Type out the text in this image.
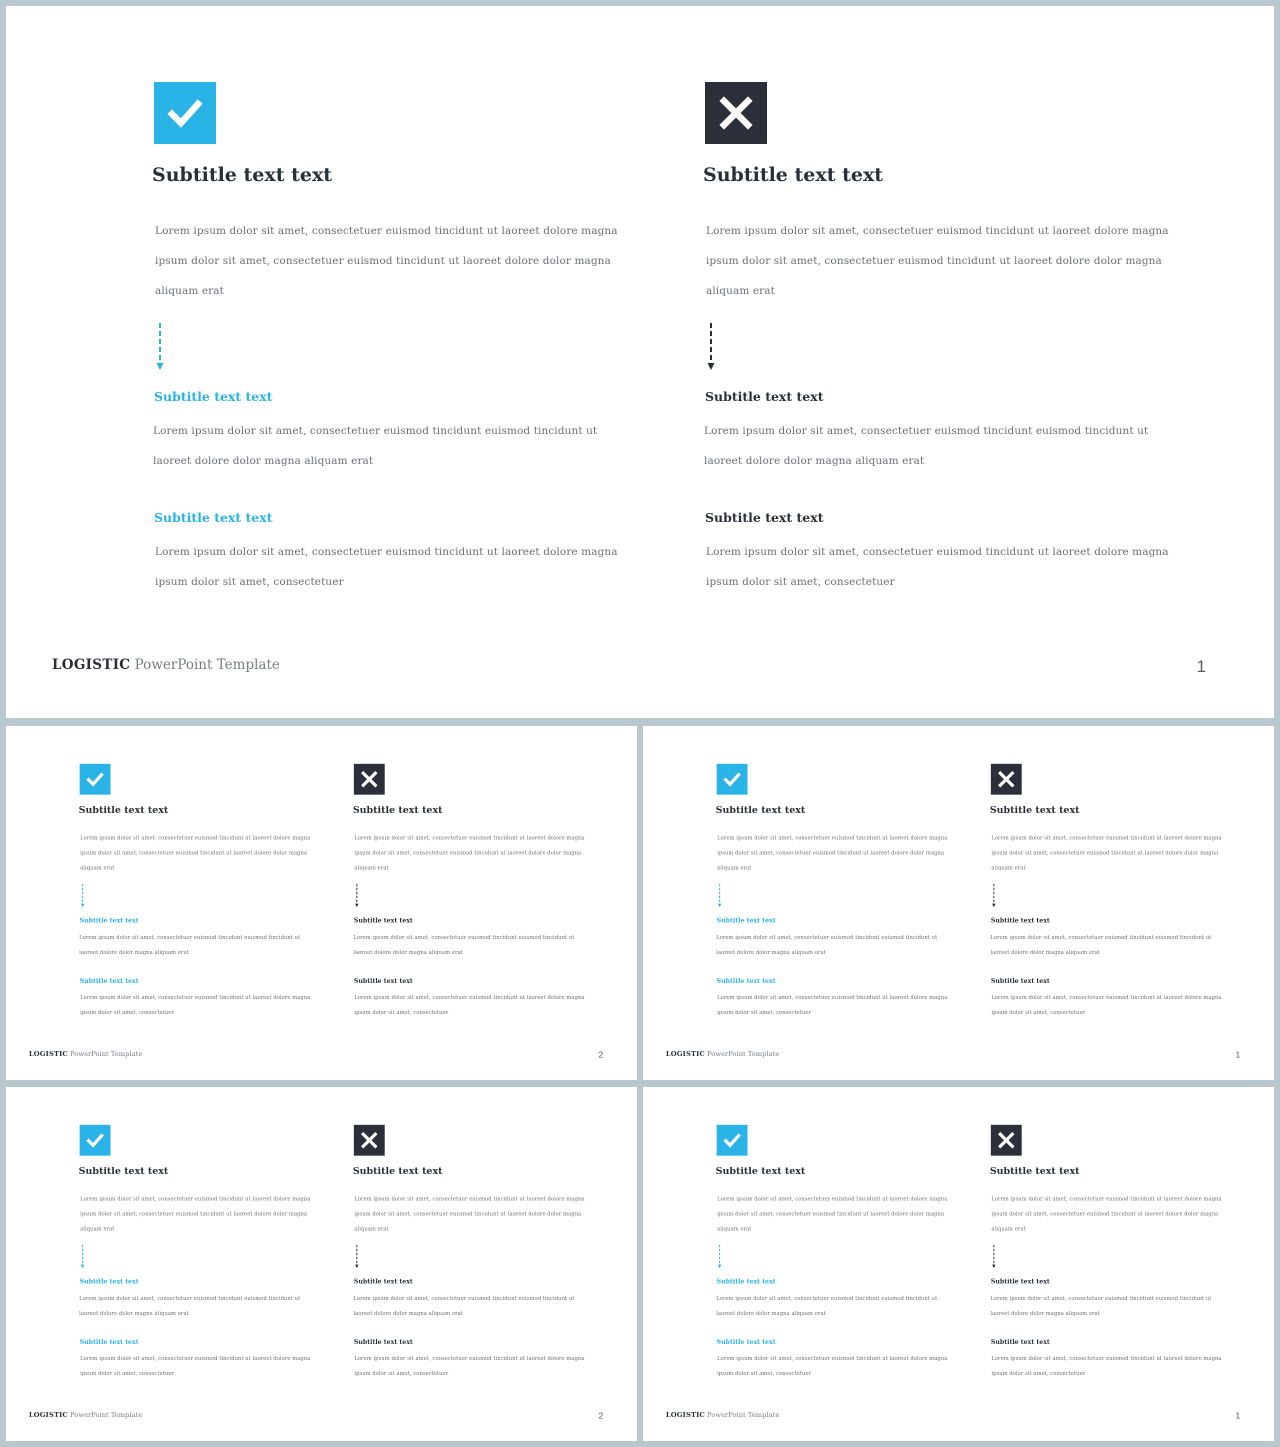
Subtitle text text
Lorem ipsum dolor sit amet, consectetuer euismod tincidunt ut laoreet dolore magna ipsum dolor sit amet, consectetuer euismod tincidunt ut laoreet dolore dolor magna aliquam erat
Subtitle text text
Lorem ipsum dolor sit amet, consectetuer euismod tincidunt euismod tincidunt ut laoreet dolore dolor magna aliquam erat
Subtitle text text
Lorem ipsum dolor sit amet, consectetuer euismod tincidunt ut laoreet dolore magna ipsum dolor sit amet, consectetuer
Subtitle text text
Lorem ipsum dolor sit amet, consectetuer euismod tincidunt ut laoreet dolore magna ipsum dolor sit amet, consectetuer euismod tincidunt ut laoreet dolore dolor magna aliquam erat
Subtitle text text
Lorem ipsum dolor sit amet, consectetuer euismod tincidunt euismod tincidunt ut laoreet dolore dolor magna aliquam erat
Subtitle text text
Lorem ipsum dolor sit amet, consectetuer euismod tincidunt ut laoreet dolore magna ipsum dolor sit amet, consectetuer
LOGISTIC PowerPoint Template	1
Subtitle text text
Lorem ipsum dolor sit amet, consectetuer euismod tincidunt ut laoreet dolore magna ipsum dolor sit amet, consectetuer euismod tincidunt ut laoreet dolore dolor magna aliquam erat
Subtitle text text
Lorem ipsum dolor sit amet, consectetuer euismod tincidunt euismod tincidunt ut laoreet dolore dolor magna aliquam erat
Subtitle text text
Lorem ipsum dolor sit amet, consectetuer euismod tincidunt ut laoreet dolore magna ipsum dolor sit amet, consectetuer
Subtitle text text
Lorem ipsum dolor sit amet, consectetuer euismod tincidunt ut laoreet dolore magna ipsum dolor sit amet, consectetuer euismod tincidunt ut laoreet dolore dolor magna aliquam erat
Subtitle text text
Lorem ipsum dolor sit amet, consectetuer euismod tincidunt euismod tincidunt ut laoreet dolore dolor magna aliquam erat
Subtitle text text
Lorem ipsum dolor sit amet, consectetuer euismod tincidunt ut laoreet dolore magna ipsum dolor sit amet, consectetuer
LOGISTIC PowerPoint Template	2
Subtitle text text
Lorem ipsum dolor sit amet, consectetuer euismod tincidunt ut laoreet dolore magna ipsum dolor sit amet, consectetuer euismod tincidunt ut laoreet dolore dolor magna aliquam erat
Subtitle text text
Lorem ipsum dolor sit amet, consectetuer euismod tincidunt euismod tincidunt ut laoreet dolore dolor magna aliquam erat
Subtitle text text
Lorem ipsum dolor sit amet, consectetuer euismod tincidunt ut laoreet dolore magna ipsum dolor sit amet, consectetuer
Subtitle text text
Lorem ipsum dolor sit amet, consectetuer euismod tincidunt ut laoreet dolore magna ipsum dolor sit amet, consectetuer euismod tincidunt ut laoreet dolore dolor magna aliquam erat
Subtitle text text
Lorem ipsum dolor sit amet, consectetuer euismod tincidunt euismod tincidunt ut laoreet dolore dolor magna aliquam erat
Subtitle text text
Lorem ipsum dolor sit amet, consectetuer euismod tincidunt ut laoreet dolore magna ipsum dolor sit amet, consectetuer
LOGISTIC PowerPoint Template	1
Subtitle text text
Lorem ipsum dolor sit amet, consectetuer euismod tincidunt ut laoreet dolore magna ipsum dolor sit amet, consectetuer euismod tincidunt ut laoreet dolore dolor magna aliquam erat
Subtitle text text
Lorem ipsum dolor sit amet, consectetuer euismod tincidunt euismod tincidunt ut laoreet dolore dolor magna aliquam erat
Subtitle text text
Lorem ipsum dolor sit amet, consectetuer euismod tincidunt ut laoreet dolore magna ipsum dolor sit amet, consectetuer
Subtitle text text
Lorem ipsum dolor sit amet, consectetuer euismod tincidunt ut laoreet dolore magna ipsum dolor sit amet, consectetuer euismod tincidunt ut laoreet dolore dolor magna aliquam erat
Subtitle text text
Lorem ipsum dolor sit amet, consectetuer euismod tincidunt euismod tincidunt ut laoreet dolore dolor magna aliquam erat
Subtitle text text
Lorem ipsum dolor sit amet, consectetuer euismod tincidunt ut laoreet dolore magna ipsum dolor sit amet, consectetuer
LOGISTIC PowerPoint Template	2
Subtitle text text
Lorem ipsum dolor sit amet, consectetuer euismod tincidunt ut laoreet dolore magna ipsum dolor sit amet, consectetuer euismod tincidunt ut laoreet dolore dolor magna aliquam erat
Subtitle text text
Lorem ipsum dolor sit amet, consectetuer euismod tincidunt euismod tincidunt ut laoreet dolore dolor magna aliquam erat
Subtitle text text
Lorem ipsum dolor sit amet, consectetuer euismod tincidunt ut laoreet dolore magna ipsum dolor sit amet, consectetuer
Subtitle text text
Lorem ipsum dolor sit amet, consectetuer euismod tincidunt ut laoreet dolore magna ipsum dolor sit amet, consectetuer euismod tincidunt ut laoreet dolore dolor magna aliquam erat
Subtitle text text
Lorem ipsum dolor sit amet, consectetuer euismod tincidunt euismod tincidunt ut laoreet dolore dolor magna aliquam erat
Subtitle text text
Lorem ipsum dolor sit amet, consectetuer euismod tincidunt ut laoreet dolore magna ipsum dolor sit amet, consectetuer
LOGISTIC PowerPoint Template	1
